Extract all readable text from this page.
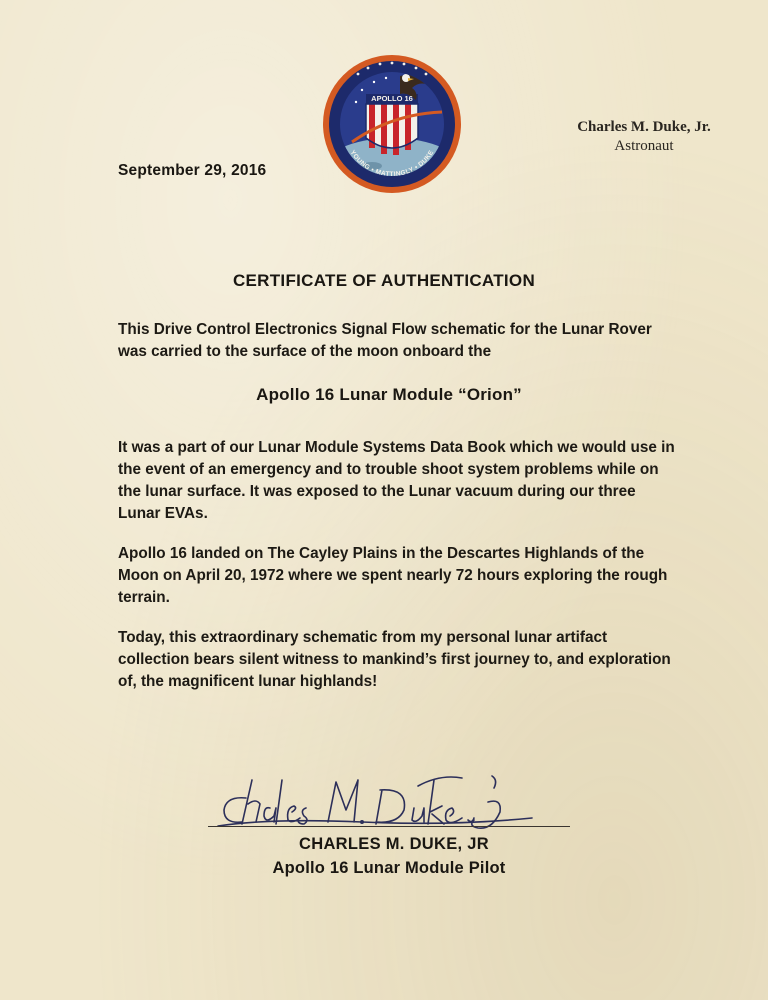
September 29, 2016
APOLLO 16
YOUNG • MATTINGLY • DUKE
Charles M. Duke, Jr.
Astronaut
CERTIFICATE OF AUTHENTICATION
This Drive Control Electronics Signal Flow schematic for the Lunar Rover was carried to the surface of the moon onboard the
Apollo 16 Lunar Module “Orion”
It was a part of our Lunar Module Systems Data Book which we would use in the event of an emergency and to trouble shoot system problems while on the lunar surface. It was exposed to the Lunar vacuum during our three Lunar EVAs.
Apollo 16 landed on The Cayley Plains in the Descartes Highlands of the Moon on April 20, 1972 where we spent nearly 72 hours exploring the rough terrain.
Today, this extraordinary schematic from my personal lunar artifact collection bears silent witness to mankind’s first journey to, and exploration of, the magnificent lunar highlands!
CHARLES M. DUKE, JR
Apollo 16 Lunar Module Pilot
